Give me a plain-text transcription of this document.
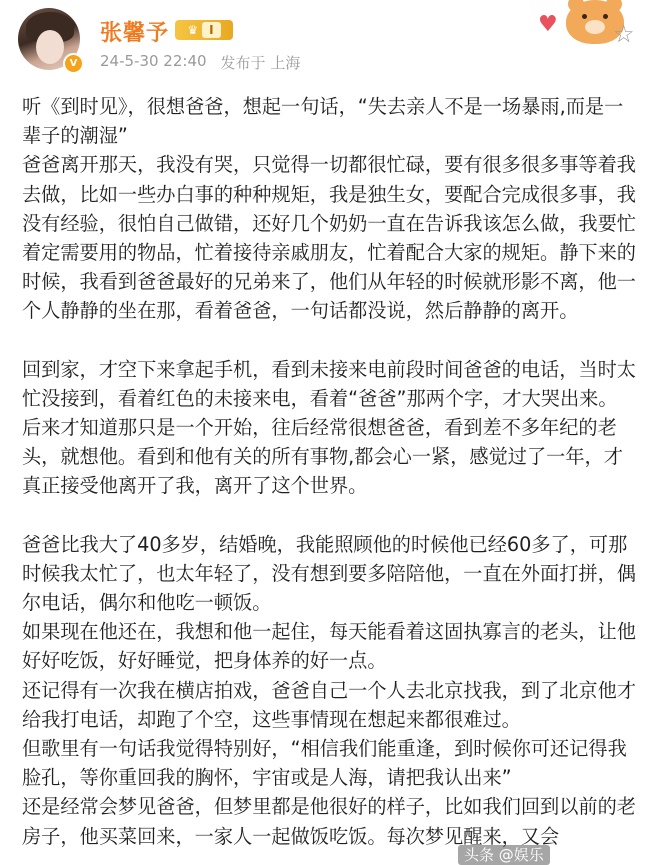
V
张馨予 ♛ Ⅰ
24-5-30 22:40 发布于 上海
♥ ☆

听《到时见》，很想爸爸，想起一句话，“失去亲人不是一场暴雨,而是一辈子的潮湿”

爸爸离开那天，我没有哭，只觉得一切都很忙碌，要有很多很多事等着我去做，比如一些办白事的种种规矩，我是独生女，要配合完成很多事，我没有经验，很怕自己做错，还好几个奶奶一直在告诉我该怎么做，我要忙着定需要用的物品，忙着接待亲戚朋友，忙着配合大家的规矩。静下来的时候，我看到爸爸最好的兄弟来了，他们从年轻的时候就形影不离，他一个人静静的坐在那，看着爸爸，一句话都没说，然后静静的离开。

回到家，才空下来拿起手机，看到未接来电前段时间爸爸的电话，当时太忙没接到，看着红色的未接来电，看着“爸爸”那两个字，才大哭出来。

后来才知道那只是一个开始，往后经常很想爸爸，看到差不多年纪的老头，就想他。看到和他有关的所有事物,都会心一紧，感觉过了一年，才真正接受他离开了我，离开了这个世界。

爸爸比我大了40多岁，结婚晚，我能照顾他的时候他已经60多了，可那时候我太忙了，也太年轻了，没有想到要多陪陪他，一直在外面打拼，偶尔电话，偶尔和他吃一顿饭。

如果现在他还在，我想和他一起住，每天能看着这固执寡言的老头，让他好好吃饭，好好睡觉，把身体养的好一点。

还记得有一次我在横店拍戏，爸爸自己一个人去北京找我，到了北京他才给我打电话，却跑了个空，这些事情现在想起来都很难过。

但歌里有一句话我觉得特别好，“相信我们能重逢，到时候你可还记得我脸孔，等你重回我的胸怀，宇宙或是人海，请把我认出来”

还是经常会梦见爸爸，但梦里都是他很好的样子，比如我们回到以前的老房子，他买菜回来，一家人一起做饭吃饭。每次梦见醒来，又会

头条 @娱乐
